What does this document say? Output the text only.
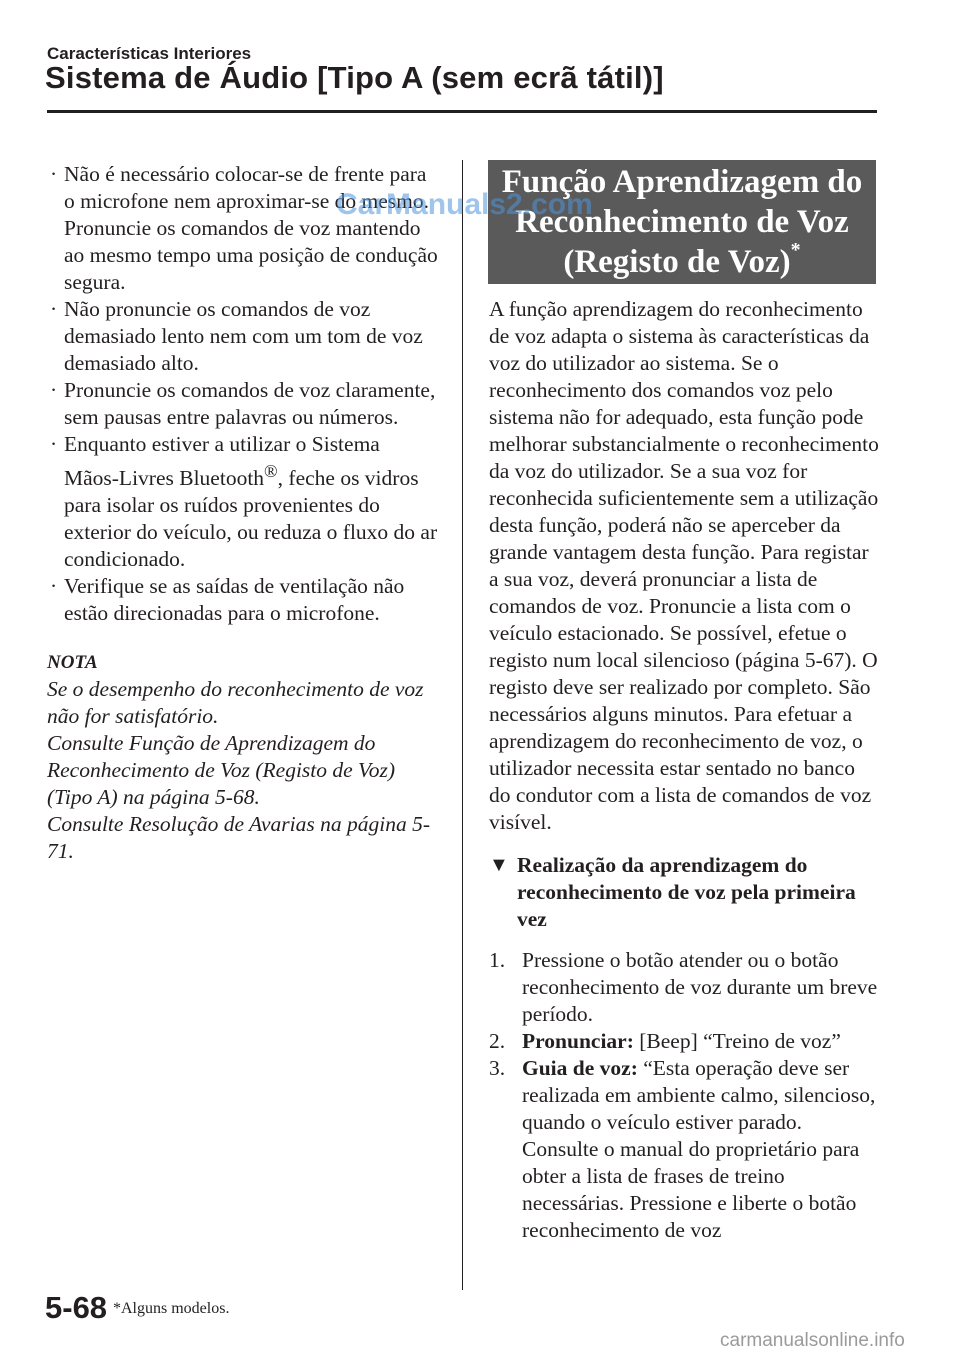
Características Interiores
Sistema de Áudio [Tipo A (sem ecrã tátil)]
· Não é necessário colocar-se de frente para o microfone nem aproximar-se do mesmo. Pronuncie os comandos de voz mantendo ao mesmo tempo uma posição de condução segura.
· Não pronuncie os comandos de voz demasiado lento nem com um tom de voz demasiado alto.
· Pronuncie os comandos de voz claramente, sem pausas entre palavras ou números.
· Enquanto estiver a utilizar o Sistema Mãos-Livres Bluetooth®, feche os vidros para isolar os ruídos provenientes do exterior do veículo, ou reduza o fluxo do ar condicionado.
· Verifique se as saídas de ventilação não estão direcionadas para o microfone.
NOTA
Se o desempenho do reconhecimento de voz não for satisfatório.
Consulte Função de Aprendizagem do Reconhecimento de Voz (Registo de Voz) (Tipo A) na página 5-68.
Consulte Resolução de Avarias na página 5-71.
Função Aprendizagem do
Reconhecimento de Voz
(Registo de Voz)*

A função aprendizagem do reconhecimento de voz adapta o sistema às características da voz do utilizador ao sistema. Se o reconhecimento dos comandos voz pelo sistema não for adequado, esta função pode melhorar substancialmente o reconhecimento da voz do utilizador. Se a sua voz for reconhecida suficientemente sem a utilização desta função, poderá não se aperceber da grande vantagem desta função. Para registar a sua voz, deverá pronunciar a lista de comandos de voz. Pronuncie a lista com o veículo estacionado. Se possível, efetue o registo num local silencioso (página 5-67). O registo deve ser realizado por completo. São necessários alguns minutos. Para efetuar a aprendizagem do reconhecimento de voz, o utilizador necessita estar sentado no banco do condutor com a lista de comandos de voz visível.

▼ Realização da aprendizagem do reconhecimento de voz pela primeira vez
1. Pressione o botão atender ou o botão reconhecimento de voz durante um breve período.
2. Pronunciar: [Beep] “Treino de voz”
3. Guia de voz: “Esta operação deve ser realizada em ambiente calmo, silencioso, quando o veículo estiver parado. Consulte o manual do proprietário para obter a lista de frases de treino necessárias. Pressione e liberte o botão reconhecimento de voz
5-68 *Alguns modelos.
CarManuals2.com
carmanualsonline.info
